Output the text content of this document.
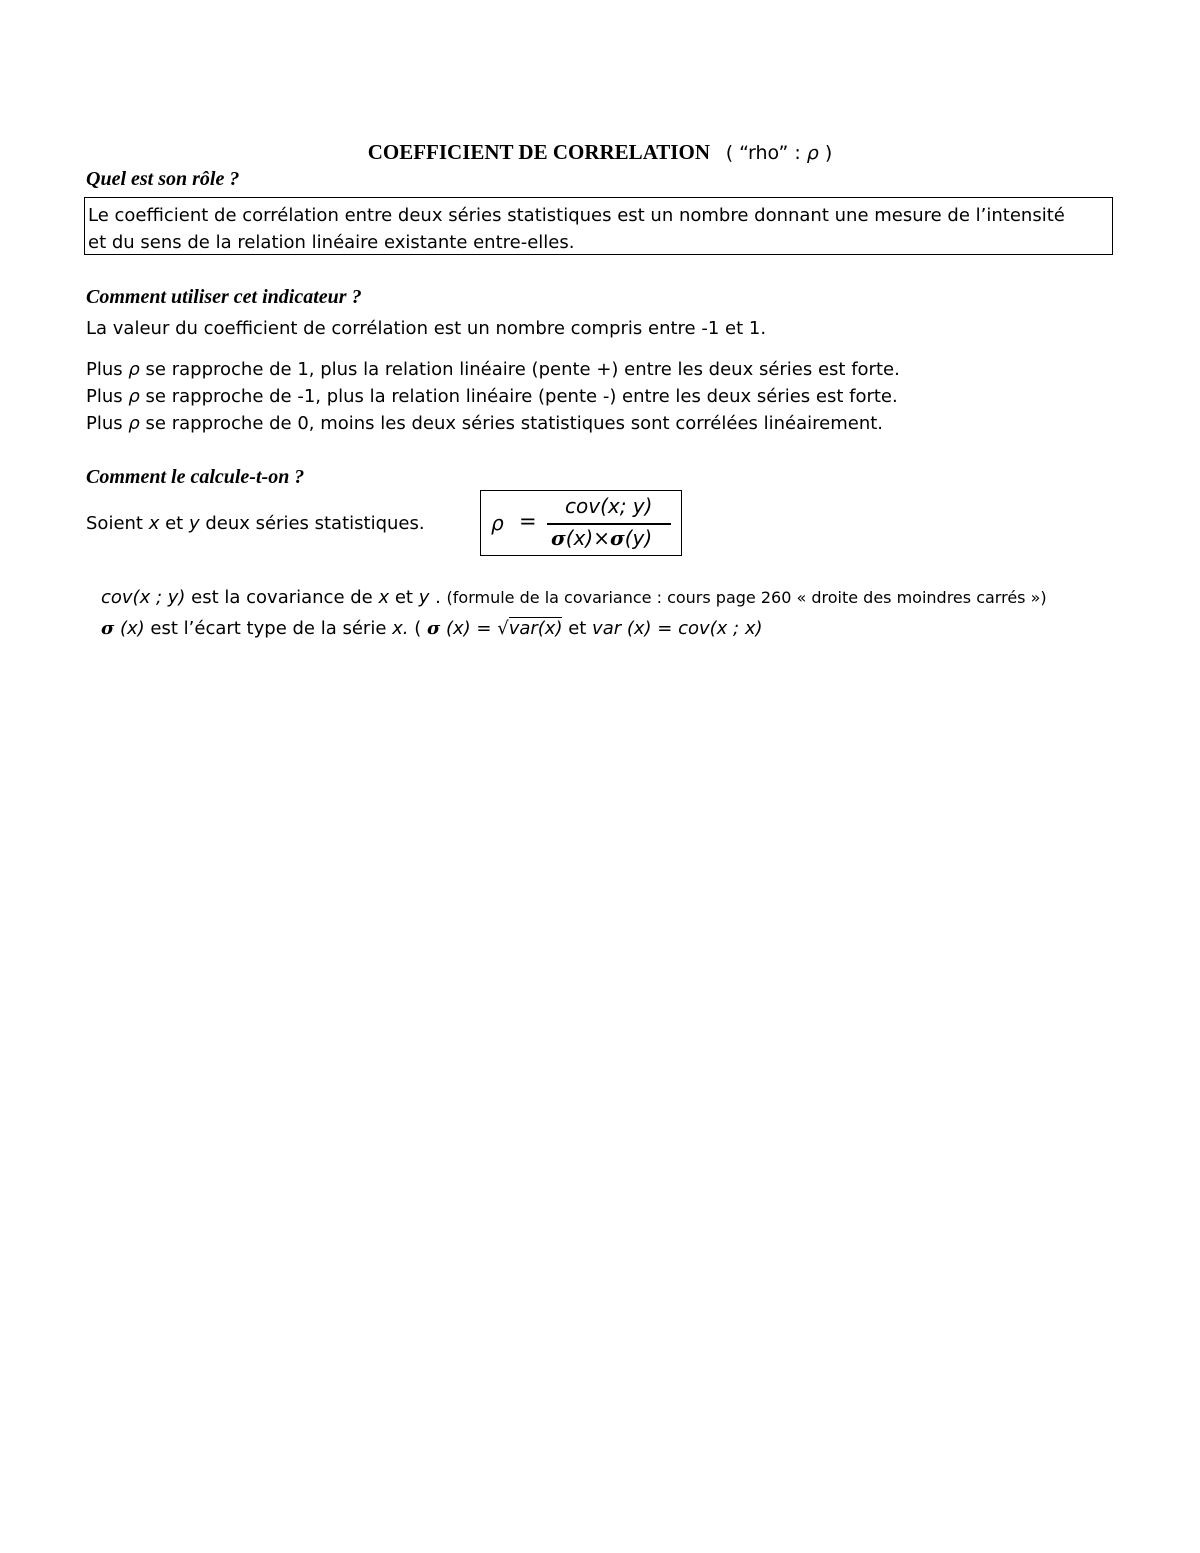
COEFFICIENT DE CORRELATION ( “rho” : ρ )
Quel est son rôle ?
Le coefficient de corrélation entre deux séries statistiques est un nombre donnant une mesure de l’intensité
et du sens de la relation linéaire existante entre-elles.
Comment utiliser cet indicateur ?
La valeur du coefficient de corrélation est un nombre compris entre -1 et 1.
Plus ρ se rapproche de 1, plus la relation linéaire (pente +) entre les deux séries est forte.
Plus ρ se rapproche de -1, plus la relation linéaire (pente -) entre les deux séries est forte.
Plus ρ se rapproche de 0, moins les deux séries statistiques sont corrélées linéairement.
Comment le calcule-t-on ?
Soient x et y deux séries statistiques.	ρ =
cov(x; y)
σ(x)×σ(y)
cov(x ; y) est la covariance de x et y . (formule de la covariance : cours page 260 « droite des moindres carrés »)
σ (x) est l’écart type de la série x. ( σ (x) = √var(x) et var (x) = cov(x ; x)
